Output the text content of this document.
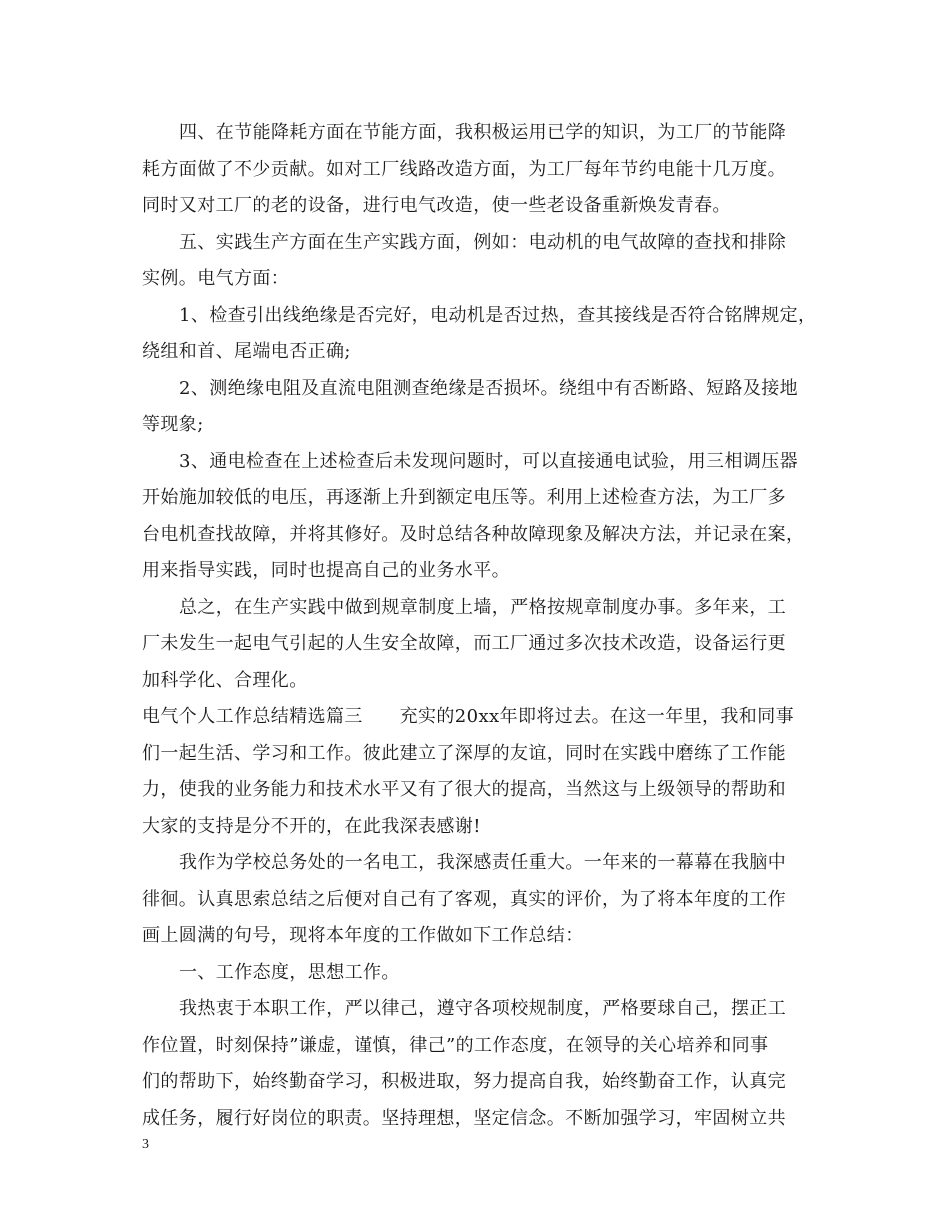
四、在节能降耗方面在节能方面，我积极运用已学的知识，为工厂的节能降
耗方面做了不少贡献。如对工厂线路改造方面，为工厂每年节约电能十几万度。
同时又对工厂的老的设备，进行电气改造，使一些老设备重新焕发青春。
五、实践生产方面在生产实践方面，例如：电动机的电气故障的查找和排除
实例。电气方面：
1、检查引出线绝缘是否完好，电动机是否过热，查其接线是否符合铭牌规定，
绕组和首、尾端电否正确;
2、测绝缘电阻及直流电阻测查绝缘是否损坏。绕组中有否断路、短路及接地
等现象;
3、通电检查在上述检查后未发现问题时，可以直接通电试验，用三相调压器
开始施加较低的电压，再逐渐上升到额定电压等。利用上述检查方法，为工厂多
台电机查找故障，并将其修好。及时总结各种故障现象及解决方法，并记录在案，
用来指导实践，同时也提高自己的业务水平。
总之，在生产实践中做到规章制度上墙，严格按规章制度办事。多年来，工
厂未发生一起电气引起的人生安全故障，而工厂通过多次技术改造，设备运行更
加科学化、合理化。
电气个人工作总结精选篇三　　充实的20xx年即将过去。在这一年里，我和同事
们一起生活、学习和工作。彼此建立了深厚的友谊，同时在实践中磨练了工作能
力，使我的业务能力和技术水平又有了很大的提高，当然这与上级领导的帮助和
大家的支持是分不开的，在此我深表感谢!
我作为学校总务处的一名电工，我深感责任重大。一年来的一幕幕在我脑中
徘徊。认真思索总结之后便对自己有了客观，真实的评价，为了将本年度的工作
画上圆满的句号，现将本年度的工作做如下工作总结：
一、工作态度，思想工作。
我热衷于本职工作，严以律己，遵守各项校规制度，严格要球自己，摆正工
作位置，时刻保持”谦虚，谨慎，律己”的工作态度，在领导的关心培养和同事
们的帮助下，始终勤奋学习，积极进取，努力提高自我，始终勤奋工作，认真完
成任务，履行好岗位的职责。坚持理想，坚定信念。不断加强学习，牢固树立共
3
